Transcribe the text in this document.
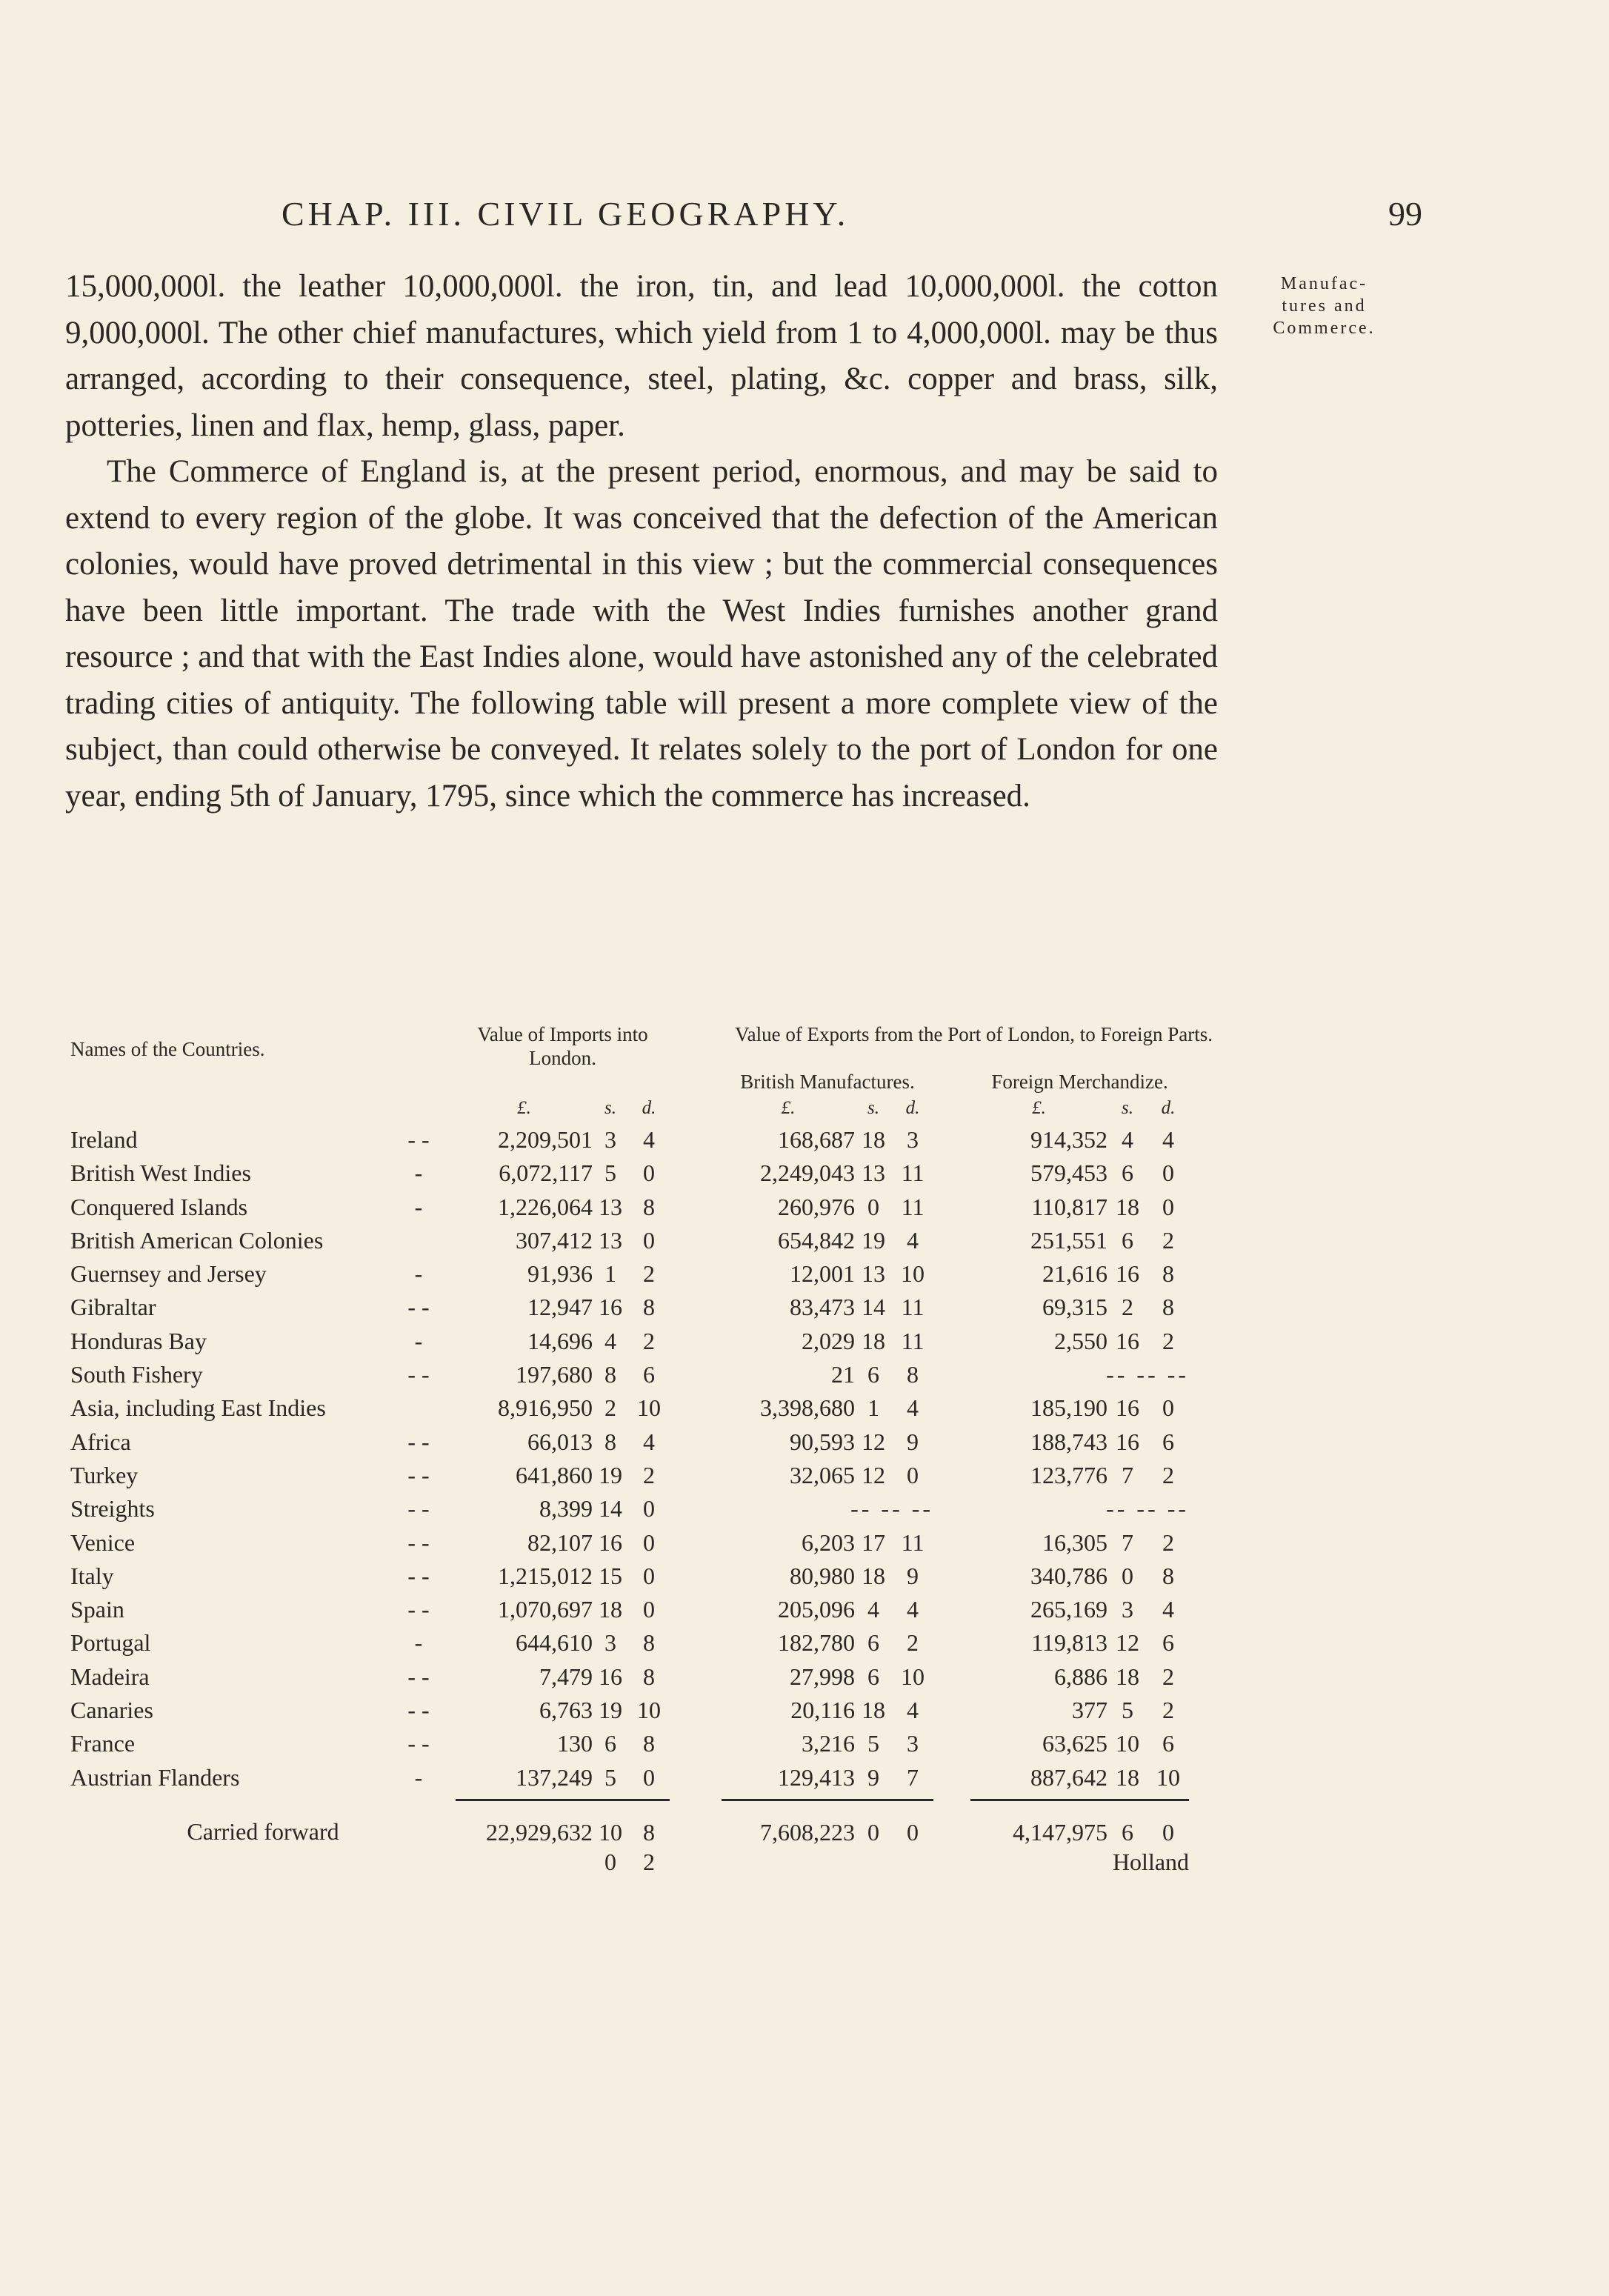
CHAP. III. CIVIL GEOGRAPHY.	99
Manufac-
tures and
Commerce.

15,000,000l. the leather 10,000,000l. the iron, tin, and lead 10,000,000l. the cotton 9,000,000l. The other chief manufactures, which yield from 1 to 4,000,000l. may be thus arranged, according to their consequence, steel, plating, &c. copper and brass, silk, potteries, linen and flax, hemp, glass, paper.

The Commerce of England is, at the present period, enormous, and may be said to extend to every region of the globe. It was conceived that the defection of the American colonies, would have proved detrimental in this view ; but the commercial consequences have been little important. The trade with the West Indies furnishes another grand resource ; and that with the East Indies alone, would have astonished any of the celebrated trading cities of antiquity. The following table will present a more complete view of the subject, than could otherwise be conveyed. It relates solely to the port of London for one year, ending 5th of January, 1795, since which the commerce has increased.

Names of the Countries.		Value of Imports into London.				Value of Exports from the Port of London, to Foreign Parts.							
						British Manufactures.				Foreign Merchandize.			
		£.	s.	d.		£.	s.	d.		£.	s.	d.	
Ireland	- -	2,209,501	3	4		168,687	18	3		914,352	4	4	
British West Indies	-	6,072,117	5	0		2,249,043	13	11		579,453	6	0	
Conquered Islands	-	1,226,064	13	8		260,976	0	11		110,817	18	0	
British American Colonies		307,412	13	0		654,842	19	4		251,551	6	2	
Guernsey and Jersey	-	91,936	1	2		12,001	13	10		21,616	16	8	
Gibraltar	- -	12,947	16	8		83,473	14	11		69,315	2	8	
Honduras Bay	-	14,696	4	2		2,029	18	11		2,550	16	2	
South Fishery	- -	197,680	8	6		21	6	8		-- -- --			
Asia, including East Indies		8,916,950	2	10		3,398,680	1	4		185,190	16	0	
Africa	- -	66,013	8	4		90,593	12	9		188,743	16	6	
Turkey	- -	641,860	19	2		32,065	12	0		123,776	7	2	
Streights	- -	8,399	14	0		-- -- --				-- -- --			
Venice	- -	82,107	16	0		6,203	17	11		16,305	7	2	
Italy	- -	1,215,012	15	0		80,980	18	9		340,786	0	8	
Spain	- -	1,070,697	18	0		205,096	4	4		265,169	3	4	
Portugal	-	644,610	3	8		182,780	6	2		119,813	12	6	
Madeira	- -	7,479	16	8		27,998	6	10		6,886	18	2	
Canaries	- -	6,763	19	10		20,116	18	4		377	5	2	
France	- -	130	6	8		3,216	5	3		63,625	10	6	
Austrian Flanders	-	137,249	5	0		129,413	9	7		887,642	18	10	

Carried forward		22,929,632	10	8		7,608,223	0	0		4,147,975	6	0	
			0	2						Holland			
